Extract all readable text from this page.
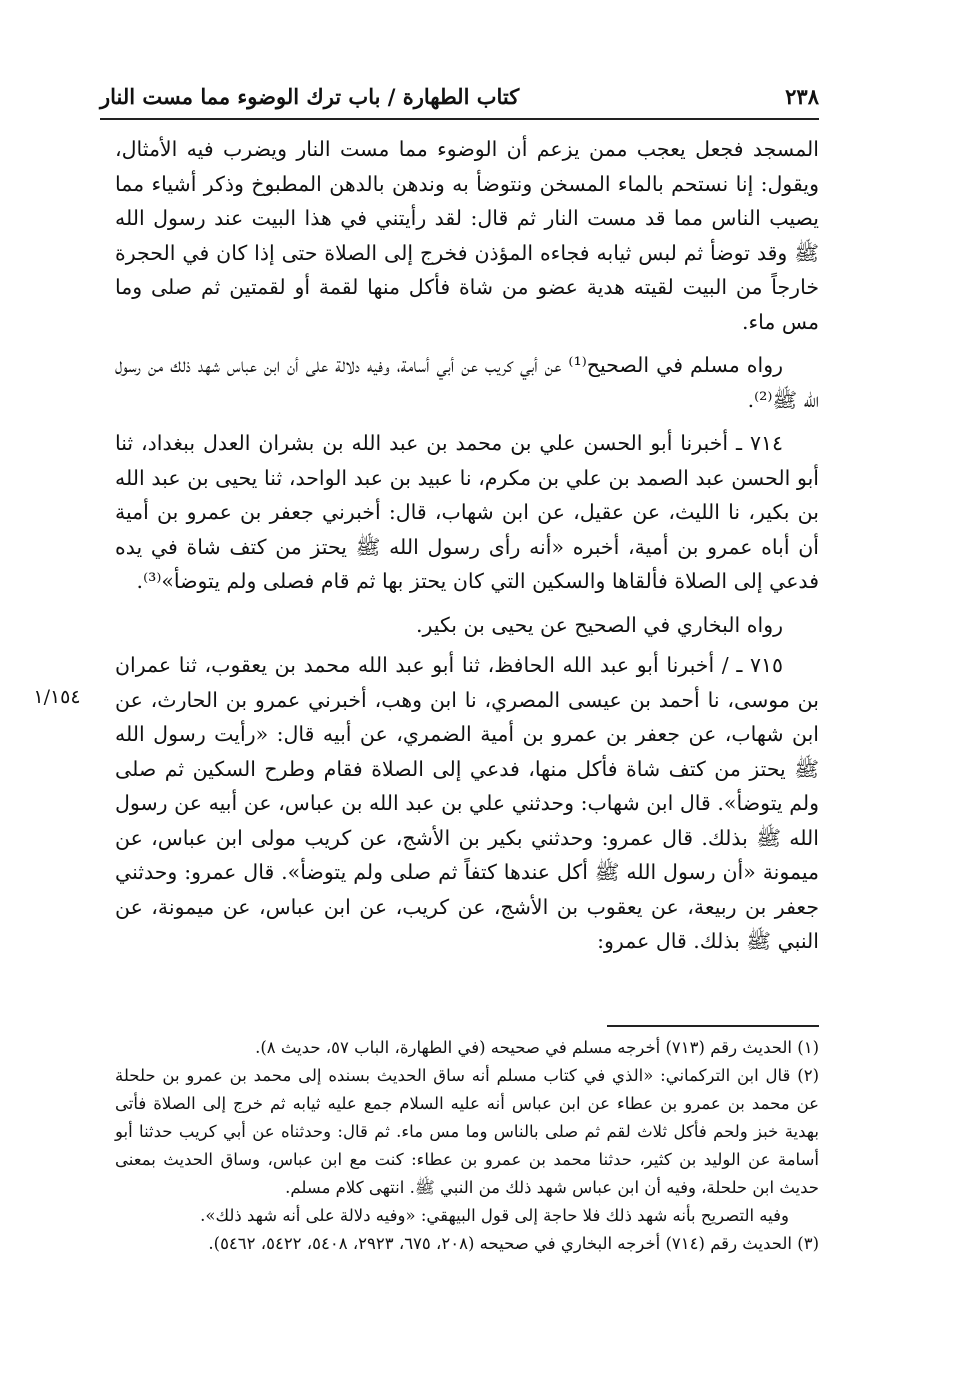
٢٣٨
كتاب الطهارة / باب ترك الوضوء مما مست النار
١/١٥٤

المسجد فجعل يعجب ممن يزعم أن الوضوء مما مست النار ويضرب فيه الأمثال، ويقول: إنا نستحم بالماء المسخن ونتوضأ به وندهن بالدهن المطبوخ وذكر أشياء مما يصيب الناس مما قد مست النار ثم قال: لقد رأيتني في هذا البيت عند رسول الله ﷺ وقد توضأ ثم لبس ثيابه فجاءه المؤذن فخرج إلى الصلاة حتى إذا كان في الحجرة خارجاً من البيت لقيته هدية عضو من شاة فأكل منها لقمة أو لقمتين ثم صلى وما مس ماء.

رواه مسلم في الصحيح⁽¹⁾ عن أبي كريب عن أبي أسامة، وفيه دلالة على أن ابن عباس شهد ذلك من رسول الله ﷺ⁽²⁾.

٧١٤ ـ أخبرنا أبو الحسن علي بن محمد بن عبد الله بن بشران العدل ببغداد، ثنا أبو الحسن عبد الصمد بن علي بن مكرم، نا عبيد بن عبد الواحد، ثنا يحيى بن عبد الله بن بكير، نا الليث، عن عقيل، عن ابن شهاب، قال: أخبرني جعفر بن عمرو بن أمية أن أباه عمرو بن أمية، أخبره «أنه رأى رسول الله ﷺ يحتز من كتف شاة في يده فدعي إلى الصلاة فألقاها والسكين التي كان يحتز بها ثم قام فصلى ولم يتوضأ»⁽³⁾.

رواه البخاري في الصحيح عن يحيى بن بكير.

٧١٥ ـ / أخبرنا أبو عبد الله الحافظ، ثنا أبو عبد الله محمد بن يعقوب، ثنا عمران بن موسى، نا أحمد بن عيسى المصري، نا ابن وهب، أخبرني عمرو بن الحارث، عن ابن شهاب، عن جعفر بن عمرو بن أمية الضمري، عن أبيه قال: «رأيت رسول الله ﷺ يحتز من كتف شاة فأكل منها، فدعي إلى الصلاة فقام وطرح السكين ثم صلى ولم يتوضأ». قال ابن شهاب: وحدثني علي بن عبد الله بن عباس، عن أبيه عن رسول الله ﷺ بذلك. قال عمرو: وحدثني بكير بن الأشج، عن كريب مولى ابن عباس، عن ميمونة «أن رسول الله ﷺ أكل عندها كتفاً ثم صلى ولم يتوضأ». قال عمرو: وحدثني جعفر بن ربيعة، عن يعقوب بن الأشج، عن كريب، عن ابن عباس، عن ميمونة، عن النبي ﷺ بذلك. قال عمرو:

(١) الحديث رقم (٧١٣) أخرجه مسلم في صحيحه (في الطهارة، الباب ٥٧، حديث ٨).

(٢) قال ابن التركماني: «الذي في كتاب مسلم أنه ساق الحديث بسنده إلى محمد بن عمرو بن حلحلة عن محمد بن عمرو بن عطاء عن ابن عباس أنه عليه السلام جمع عليه ثيابه ثم خرج إلى الصلاة فأتى بهدية خبز ولحم فأكل ثلاث لقم ثم صلى بالناس وما مس ماء. ثم قال: وحدثناه عن أبي كريب حدثنا أبو أسامة عن الوليد بن كثير، حدثنا محمد بن عمرو بن عطاء: كنت مع ابن عباس، وساق الحديث بمعنى حديث ابن حلحلة، وفيه أن ابن عباس شهد ذلك من النبي ﷺ. انتهى كلام مسلم.

وفيه التصريح بأنه شهد ذلك فلا حاجة إلى قول البيهقي: «وفيه دلالة على أنه شهد ذلك».

(٣) الحديث رقم (٧١٤) أخرجه البخاري في صحيحه (٢٠٨، ٦٧٥، ٢٩٢٣، ٥٤٠٨، ٥٤٢٢، ٥٤٦٢).
